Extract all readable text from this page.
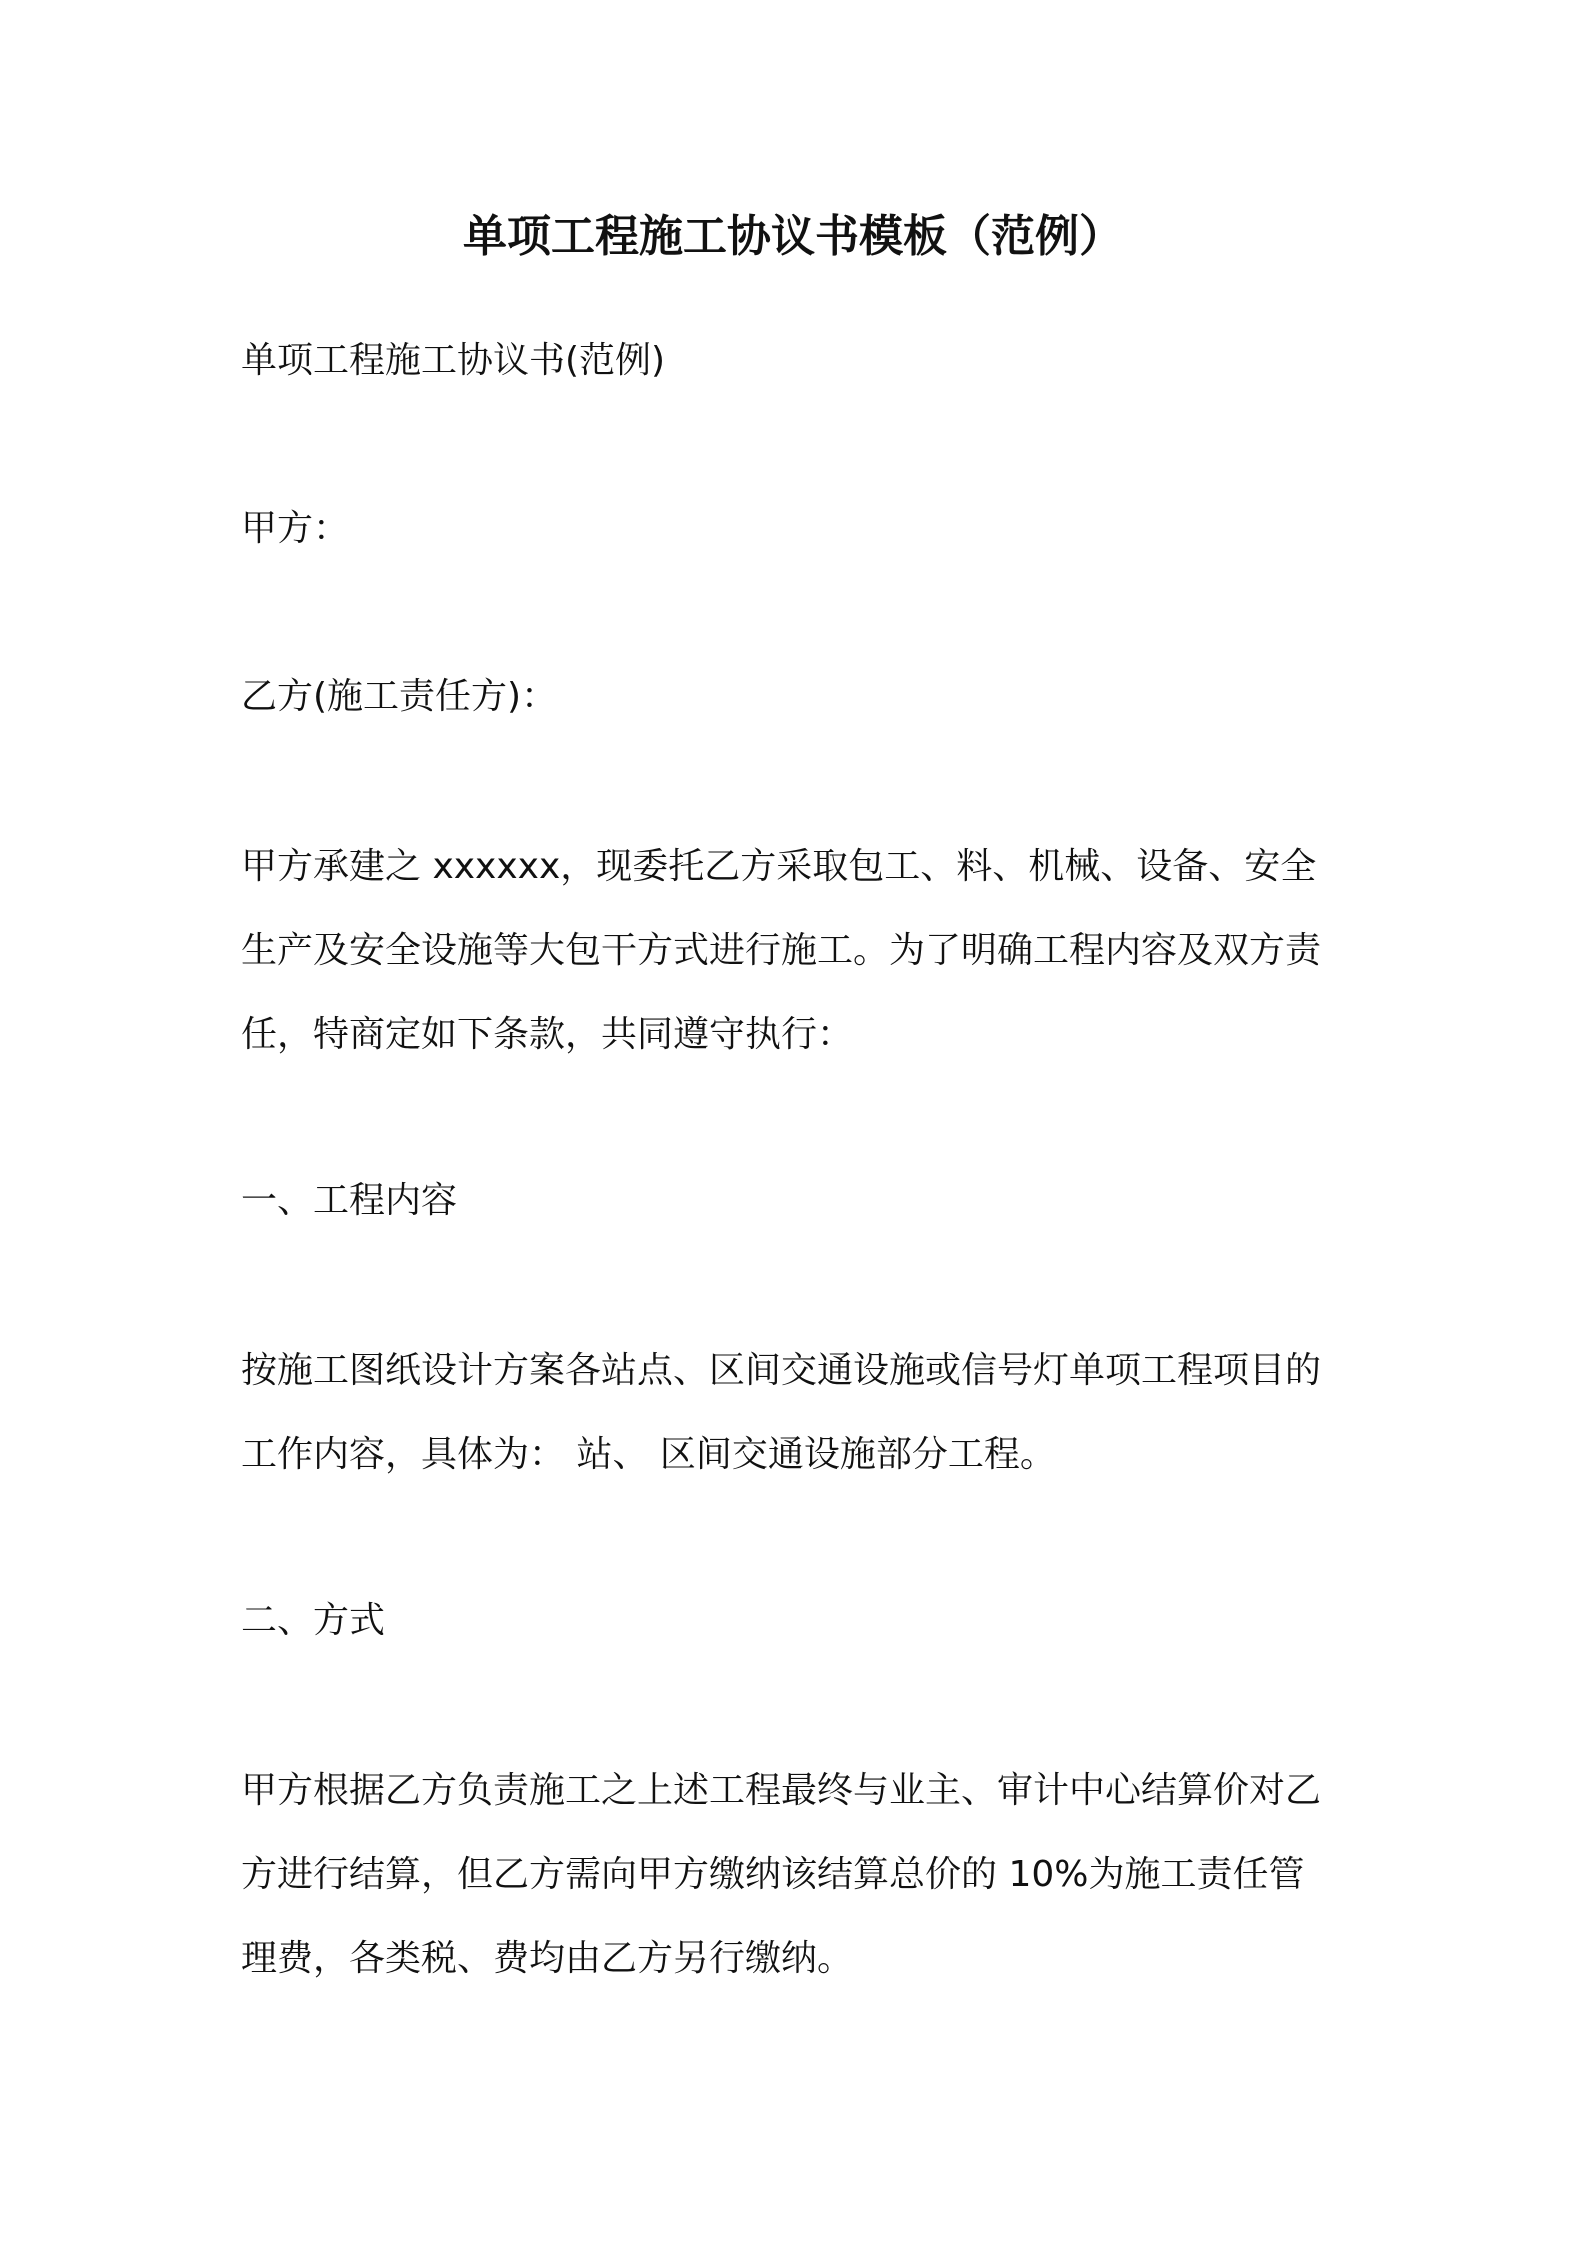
单项工程施工协议书模板（范例）
单项工程施工协议书(范例)
甲方：
乙方(施工责任方)：
甲方承建之 xxxxxx，现委托乙方采取包工、料、机械、设备、安全
生产及安全设施等大包干方式进行施工。为了明确工程内容及双方责
任，特商定如下条款，共同遵守执行：
一、工程内容
按施工图纸设计方案各站点、区间交通设施或信号灯单项工程项目的
工作内容，具体为： 站、 区间交通设施部分工程。
二、方式
甲方根据乙方负责施工之上述工程最终与业主、审计中心结算价对乙
方进行结算，但乙方需向甲方缴纳该结算总价的 10%为施工责任管
理费，各类税、费均由乙方另行缴纳。
